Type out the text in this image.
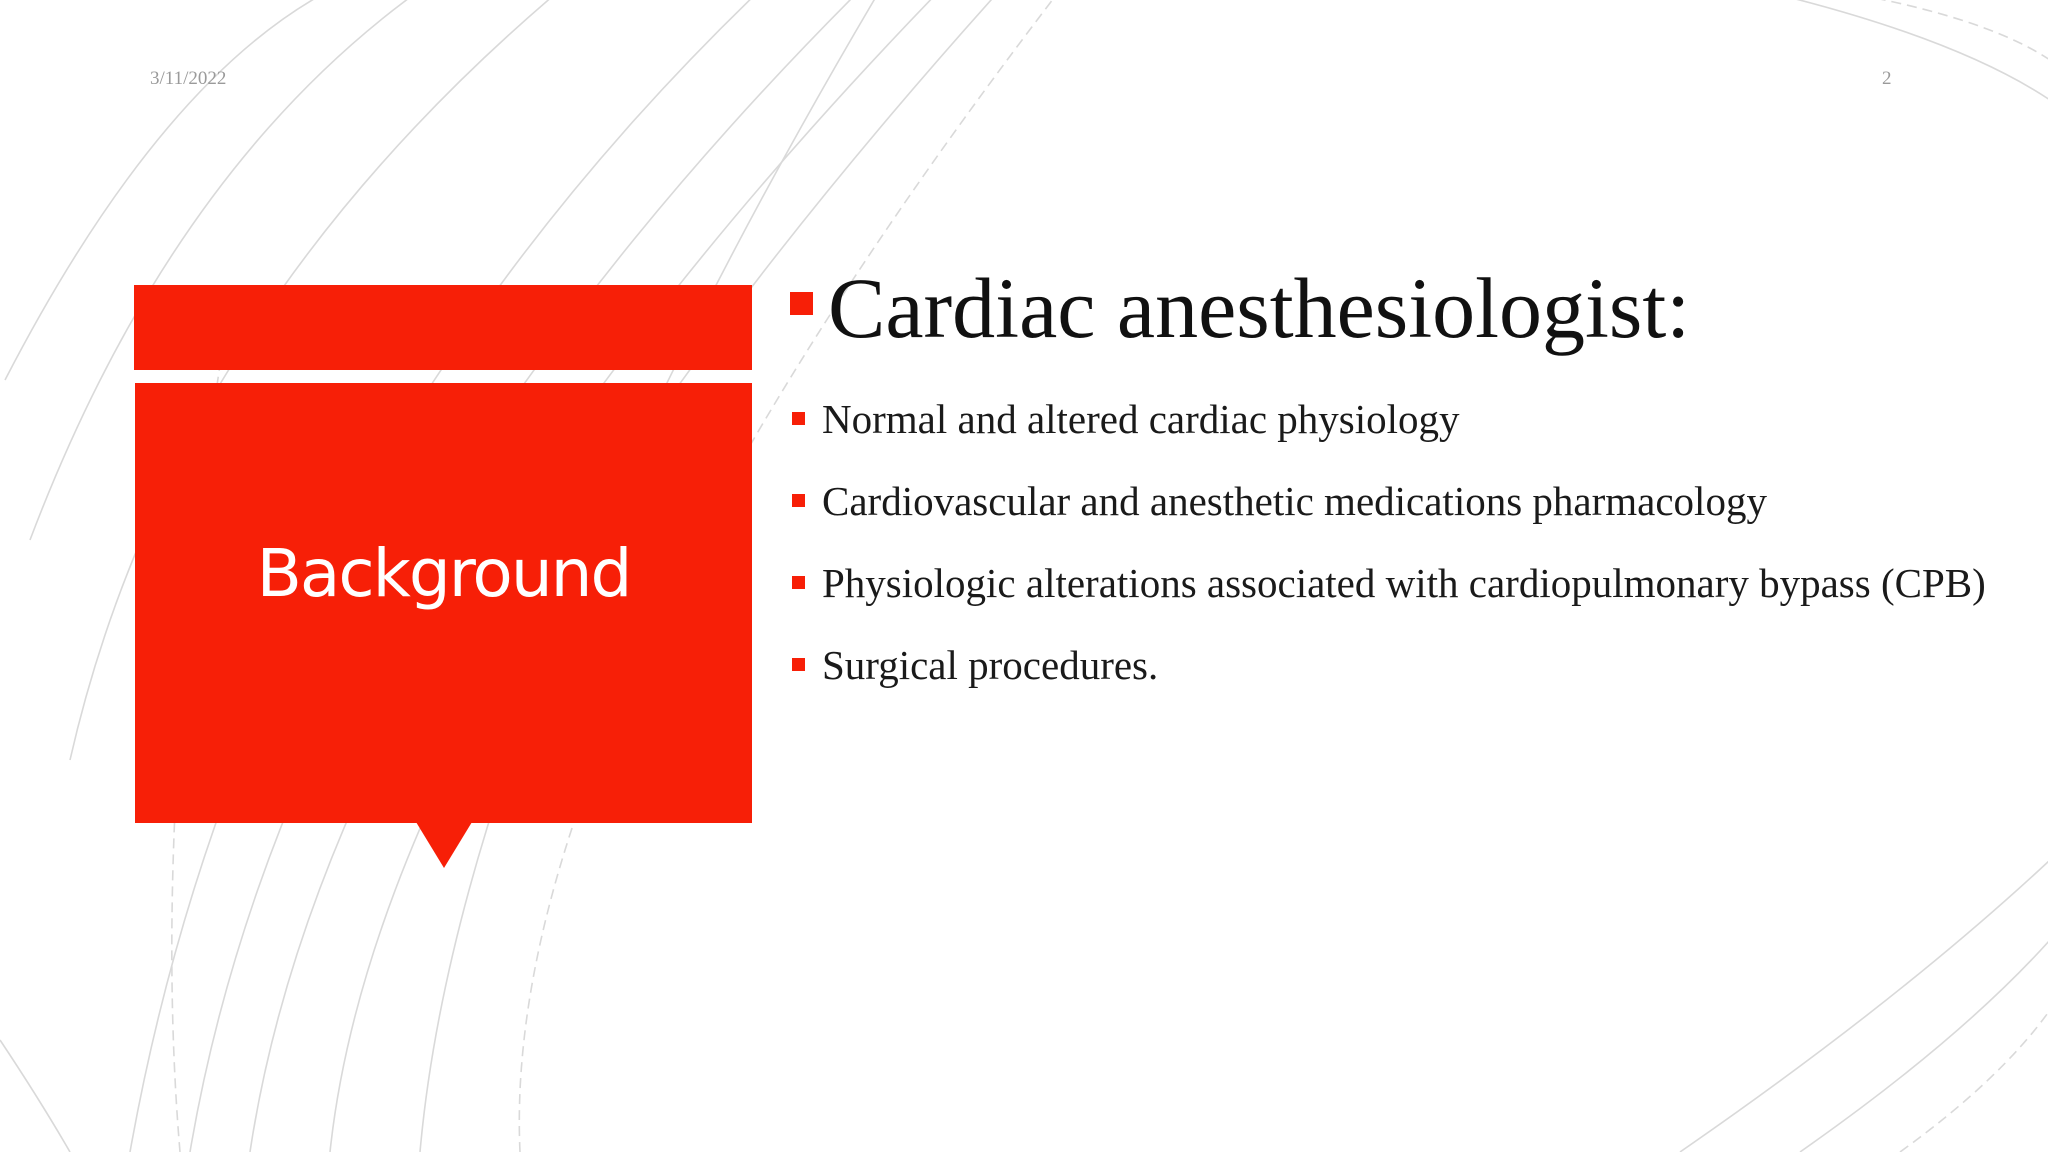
3/11/2022	2
Background
Cardiac anesthesiologist:
Normal and altered cardiac physiology
Cardiovascular and anesthetic medications pharmacology
Physiologic alterations associated with cardiopulmonary bypass (CPB)
Surgical procedures.
